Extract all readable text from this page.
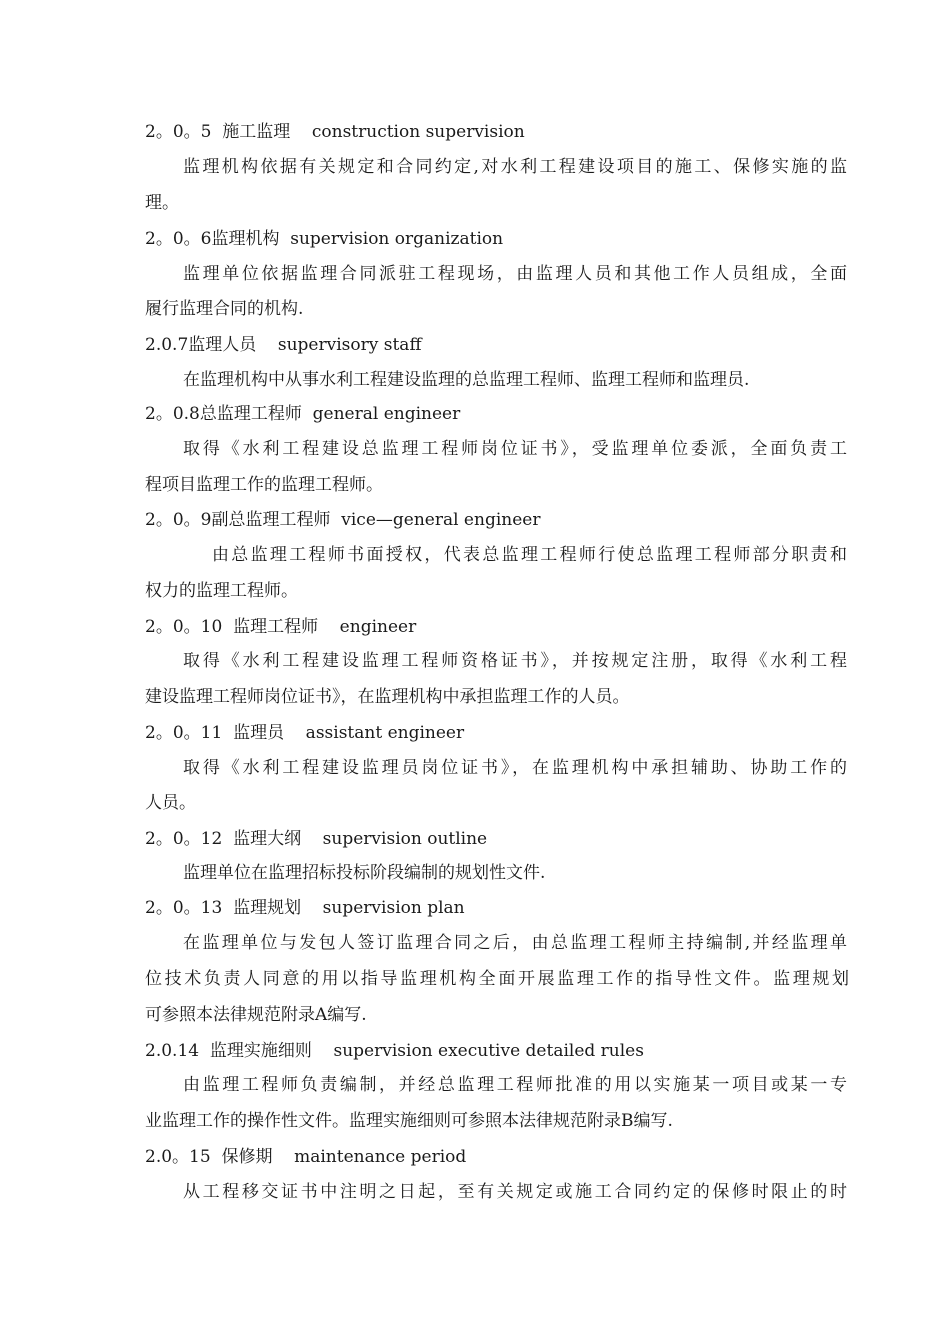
2。0。5  施工监理    construction supervision
监理机构依据有关规定和合同约定,对水利工程建设项目的施工、保修实施的监
理。
2。0。6监理机构  supervision organization
监理单位依据监理合同派驻工程现场，由监理人员和其他工作人员组成，全面
履行监理合同的机构.
2.0.7监理人员    supervisory staff
在监理机构中从事水利工程建设监理的总监理工程师、监理工程师和监理员.
2。0.8总监理工程师  general engineer
取得《水利工程建设总监理工程师岗位证书》，受监理单位委派，全面负责工
程项目监理工作的监理工程师。
2。0。9副总监理工程师  vice—general engineer
由总监理工程师书面授权，代表总监理工程师行使总监理工程师部分职责和
权力的监理工程师。
2。0。10  监理工程师    engineer
取得《水利工程建设监理工程师资格证书》，并按规定注册，取得《水利工程
建设监理工程师岗位证书》，在监理机构中承担监理工作的人员。
2。0。11  监理员    assistant engineer
取得《水利工程建设监理员岗位证书》，在监理机构中承担辅助、协助工作的
人员。
2。0。12  监理大纲    supervision outline
监理单位在监理招标投标阶段编制的规划性文件.
2。0。13  监理规划    supervision plan
在监理单位与发包人签订监理合同之后，由总监理工程师主持编制,并经监理单
位技术负责人同意的用以指导监理机构全面开展监理工作的指导性文件。监理规划
可参照本法律规范附录A编写.
2.0.14  监理实施细则    supervision executive detailed rules
由监理工程师负责编制，并经总监理工程师批准的用以实施某一项目或某一专
业监理工作的操作性文件。监理实施细则可参照本法律规范附录B编写.
2.0。15  保修期    maintenance period
从工程移交证书中注明之日起，至有关规定或施工合同约定的保修时限止的时
